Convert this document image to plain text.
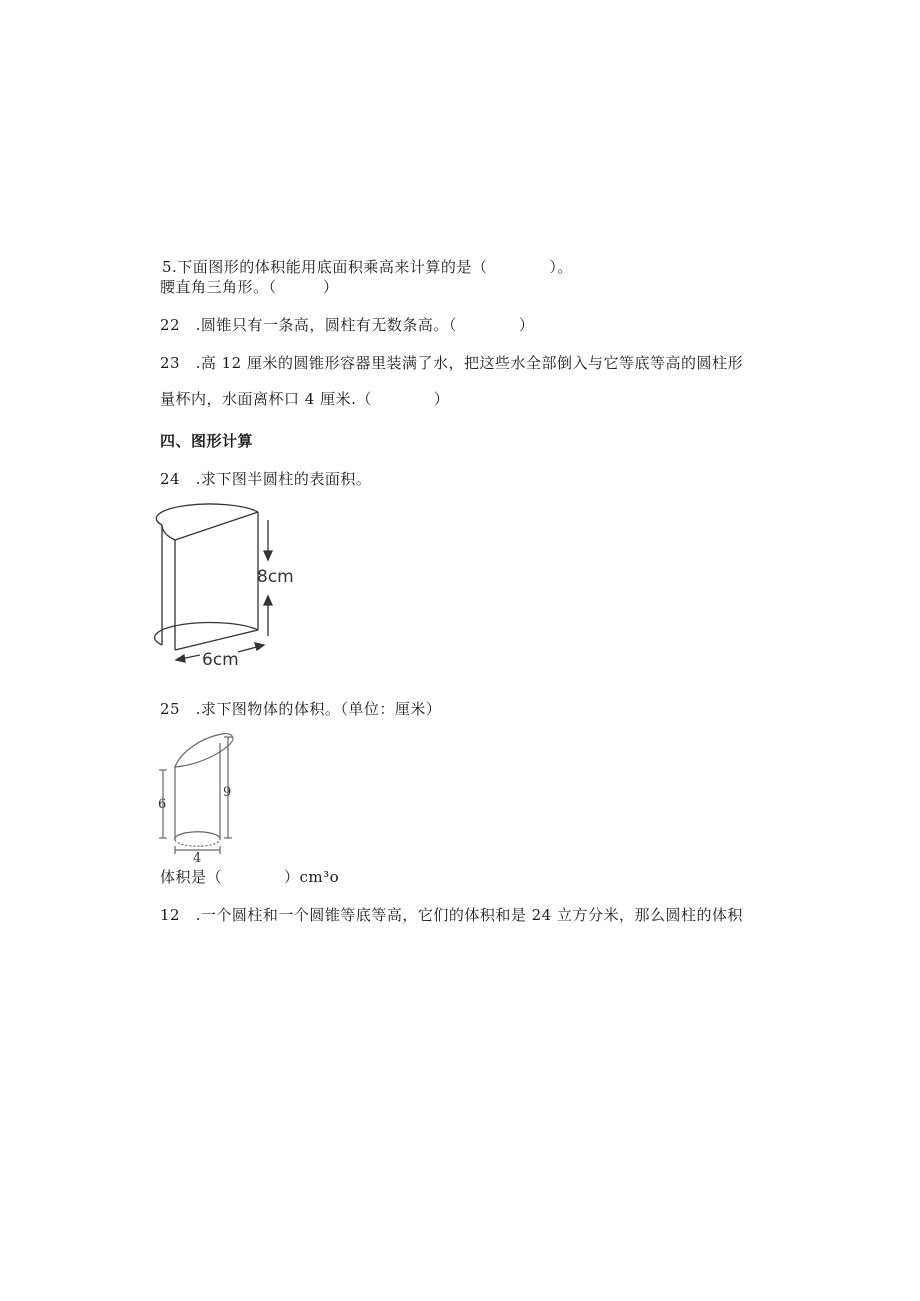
5.下面图形的体积能用底面积乘高来计算的是（　　　　）。
腰直角三角形。（　　　）
22　.圆锥只有一条高，圆柱有无数条高。（　　　　）
23　.高 12 厘米的圆锥形容器里装满了水，把这些水全部倒入与它等底等高的圆柱形
量杯内，水面离杯口 4 厘米.（　　　　）
四、图形计算
24　.求下图半圆柱的表面积。
8cm
6cm
25　.求下图物体的体积。（单位：厘米）
6
9
4
体积是（　　　　）cm³o
12　.一个圆柱和一个圆锥等底等高，它们的体积和是 24 立方分米，那么圆柱的体积
